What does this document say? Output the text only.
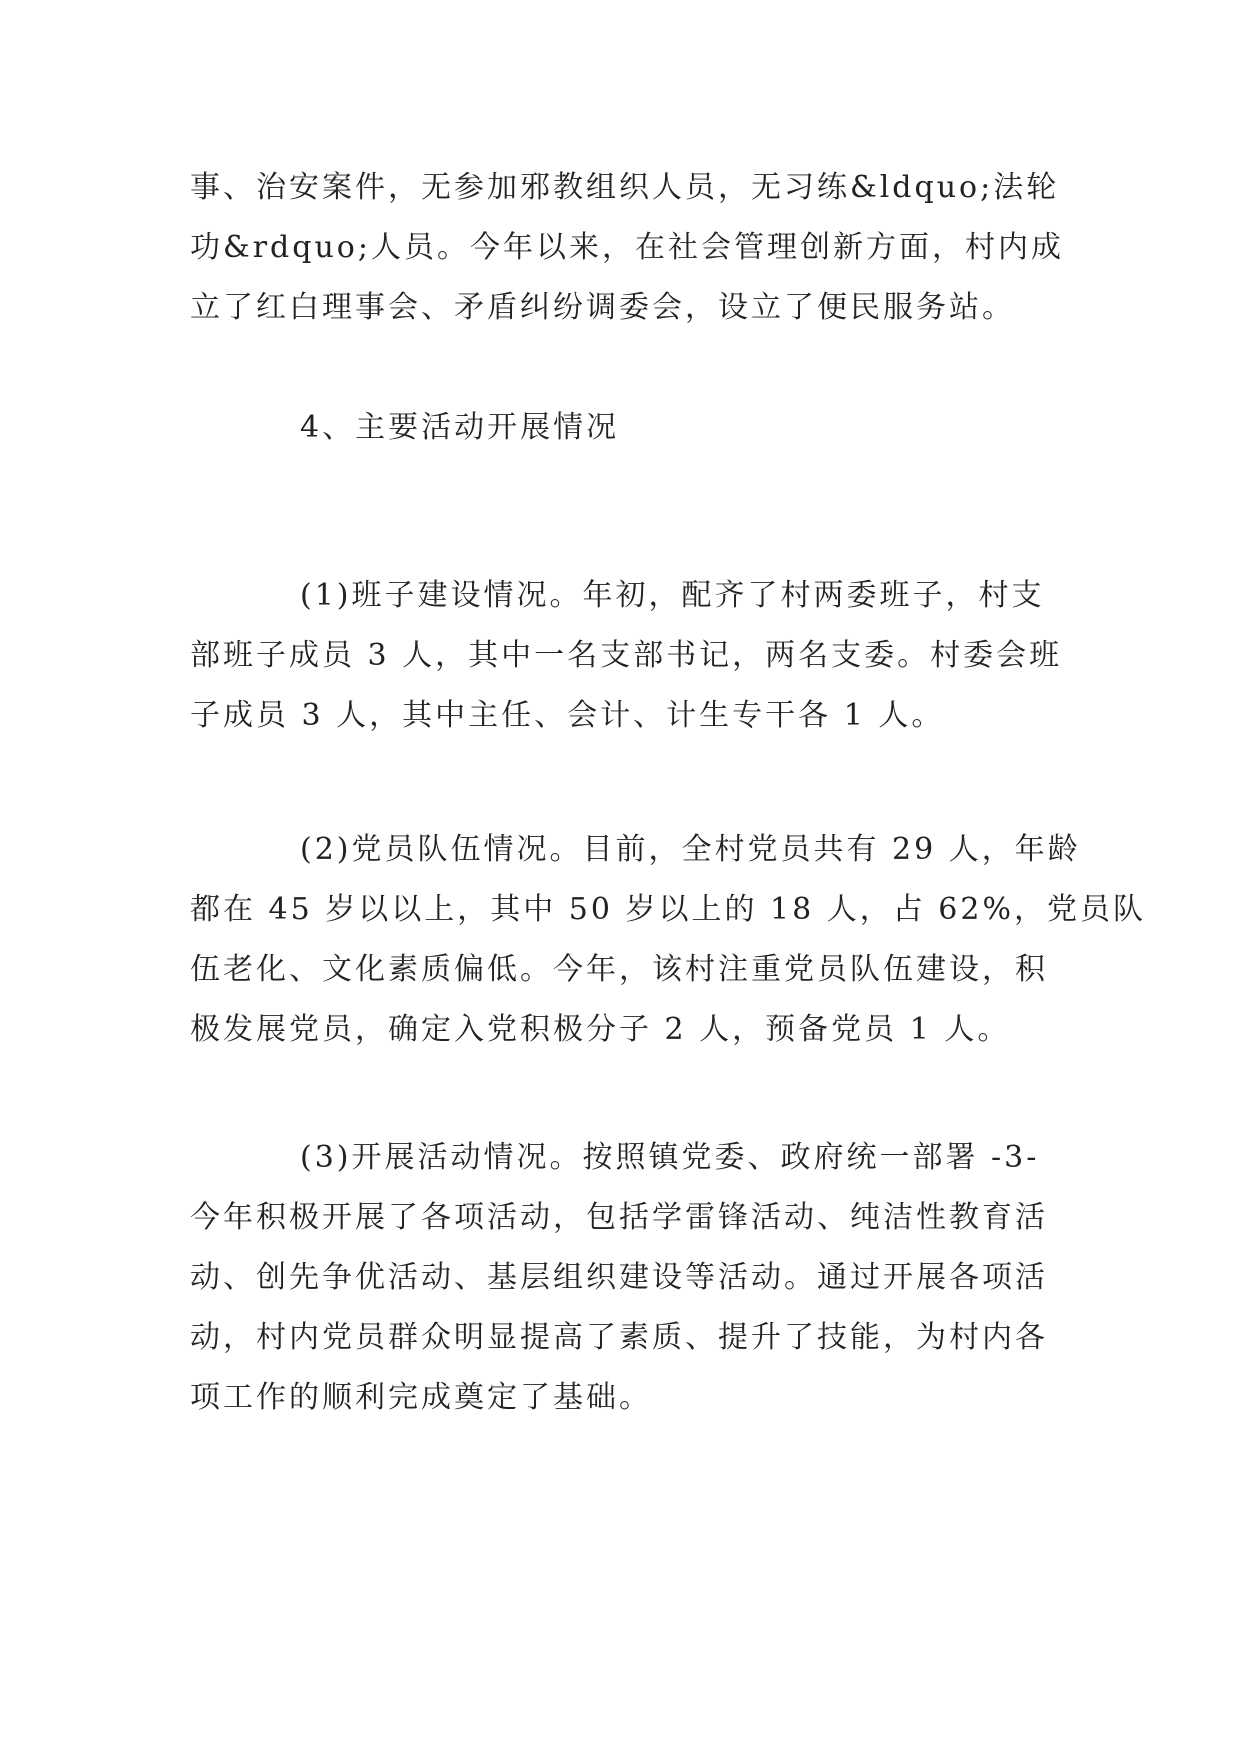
事、治安案件，无参加邪教组织人员，无习练&ldquo;法轮
功&rdquo;人员。今年以来，在社会管理创新方面，村内成
立了红白理事会、矛盾纠纷调委会，设立了便民服务站。
4、主要活动开展情况
(1)班子建设情况。年初，配齐了村两委班子，村支
部班子成员 3 人，其中一名支部书记，两名支委。村委会班
子成员 3 人，其中主任、会计、计生专干各 1 人。
(2)党员队伍情况。目前，全村党员共有 29 人，年龄
都在 45 岁以以上，其中 50 岁以上的 18 人，占 62%，党员队
伍老化、文化素质偏低。今年，该村注重党员队伍建设，积
极发展党员，确定入党积极分子 2 人，预备党员 1 人。
(3)开展活动情况。按照镇党委、政府统一部署 -3-
今年积极开展了各项活动，包括学雷锋活动、纯洁性教育活
动、创先争优活动、基层组织建设等活动。通过开展各项活
动，村内党员群众明显提高了素质、提升了技能，为村内各
项工作的顺利完成奠定了基础。
